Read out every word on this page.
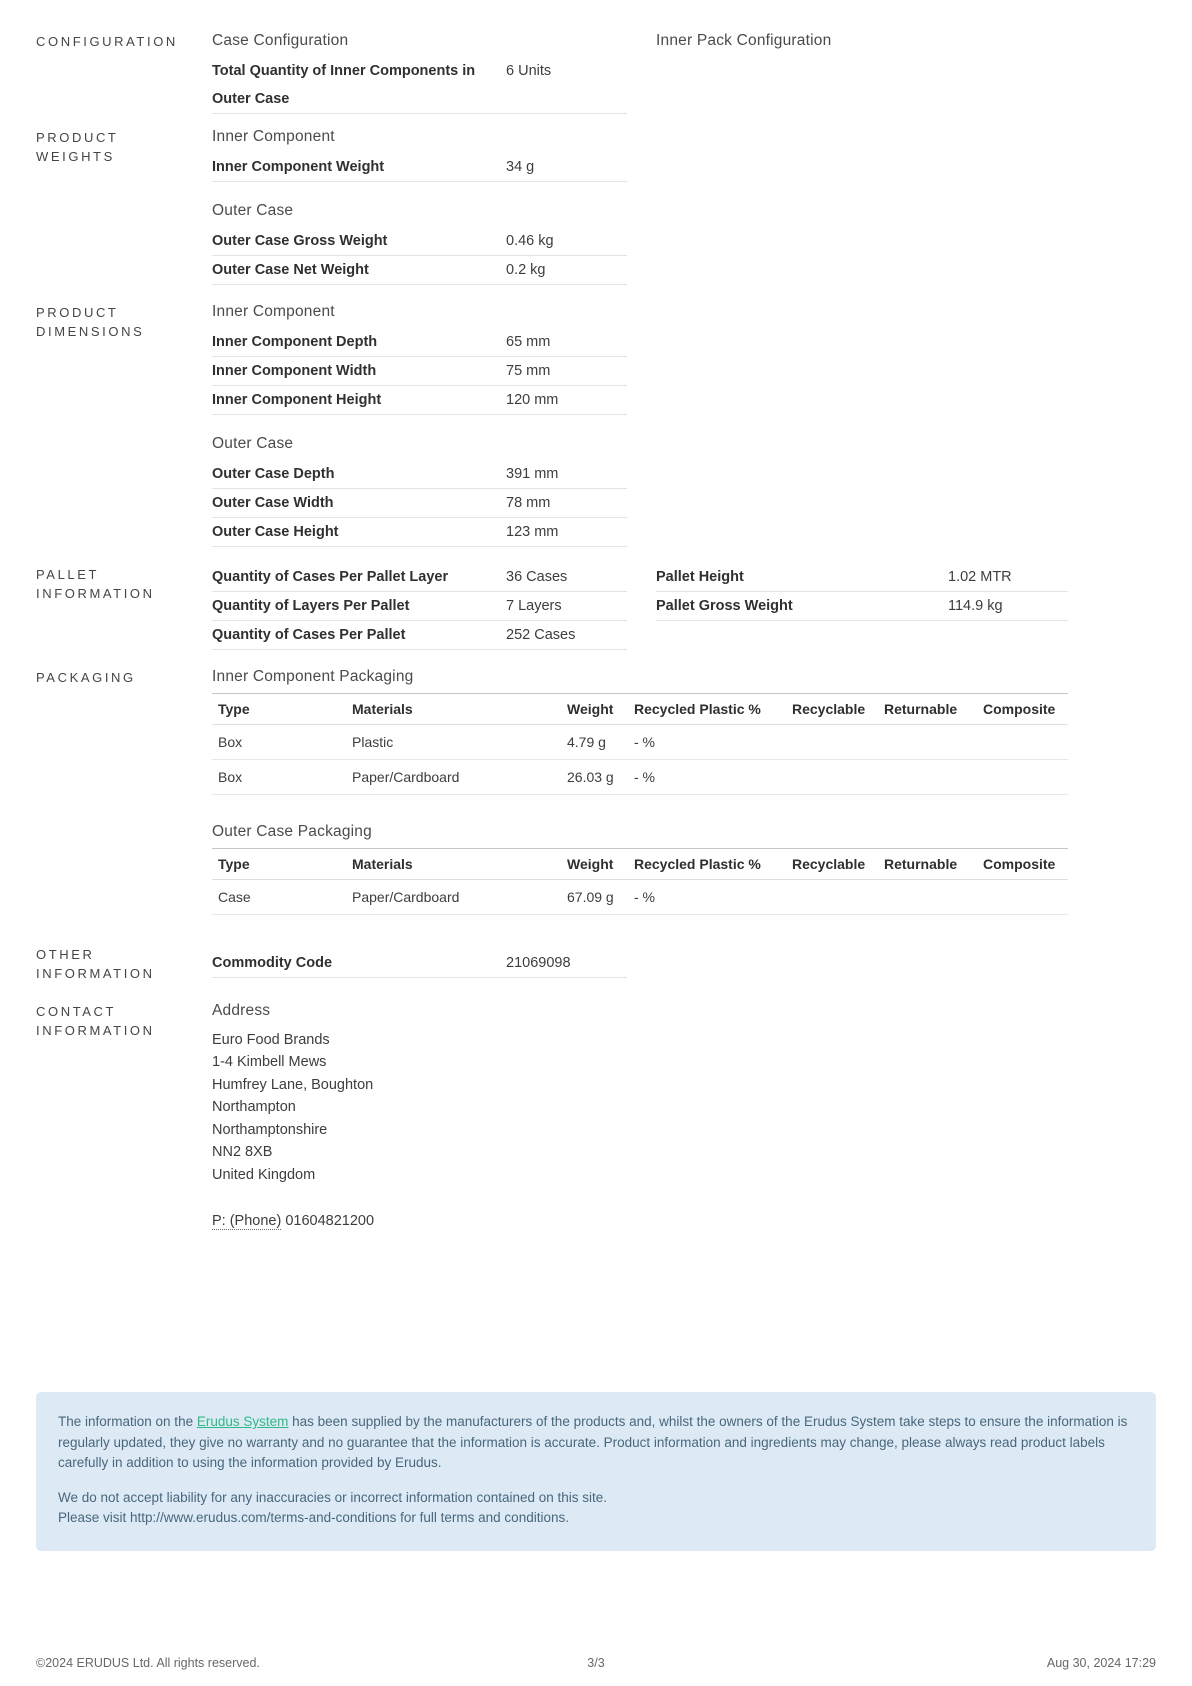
CONFIGURATION	Case Configuration
Total Quantity of Inner Components in Outer Case
6 Units
Inner Pack Configuration
PRODUCT WEIGHTS
Inner Component
Inner Component Weight	34 g
Outer Case
Outer Case Gross Weight	0.46 kg
Outer Case Net Weight	0.2 kg
PRODUCT DIMENSIONS
Inner Component
Inner Component Depth	65 mm
Inner Component Width	75 mm
Inner Component Height	120 mm
Outer Case
Outer Case Depth	391 mm
Outer Case Width	78 mm
Outer Case Height	123 mm
PALLET INFORMATION
Quantity of Cases Per Pallet Layer	36 Cases
Quantity of Layers Per Pallet	7 Layers
Quantity of Cases Per Pallet	252 Cases
Pallet Height	1.02 MTR
Pallet Gross Weight	114.9 kg
PACKAGING	Inner Component Packaging
Type	Materials	Weight	Recycled Plastic %	Recyclable	Returnable	Composite
Box	Plastic	4.79 g	- %			
Box	Paper/Cardboard	26.03 g	- %			
Outer Case Packaging
Type	Materials	Weight	Recycled Plastic %	Recyclable	Returnable	Composite
Case	Paper/Cardboard	67.09 g	- %			
OTHER INFORMATION
Commodity Code	21069098
CONTACT INFORMATION
Address
Euro Food Brands
1-4 Kimbell Mews
Humfrey Lane, Boughton
Northampton
Northamptonshire
NN2 8XB
United Kingdom
P: (Phone) 01604821200

The information on the Erudus System has been supplied by the manufacturers of the products and, whilst the owners of the Erudus System take steps to ensure the information is regularly updated, they give no warranty and no guarantee that the information is accurate. Product information and ingredients may change, please always read product labels carefully in addition to using the information provided by Erudus.

We do not accept liability for any inaccuracies or incorrect information contained on this site.
Please visit http://www.erudus.com/terms-and-conditions for full terms and conditions.

©2024 ERUDUS Ltd. All rights reserved.	3/3	Aug 30, 2024 17:29
